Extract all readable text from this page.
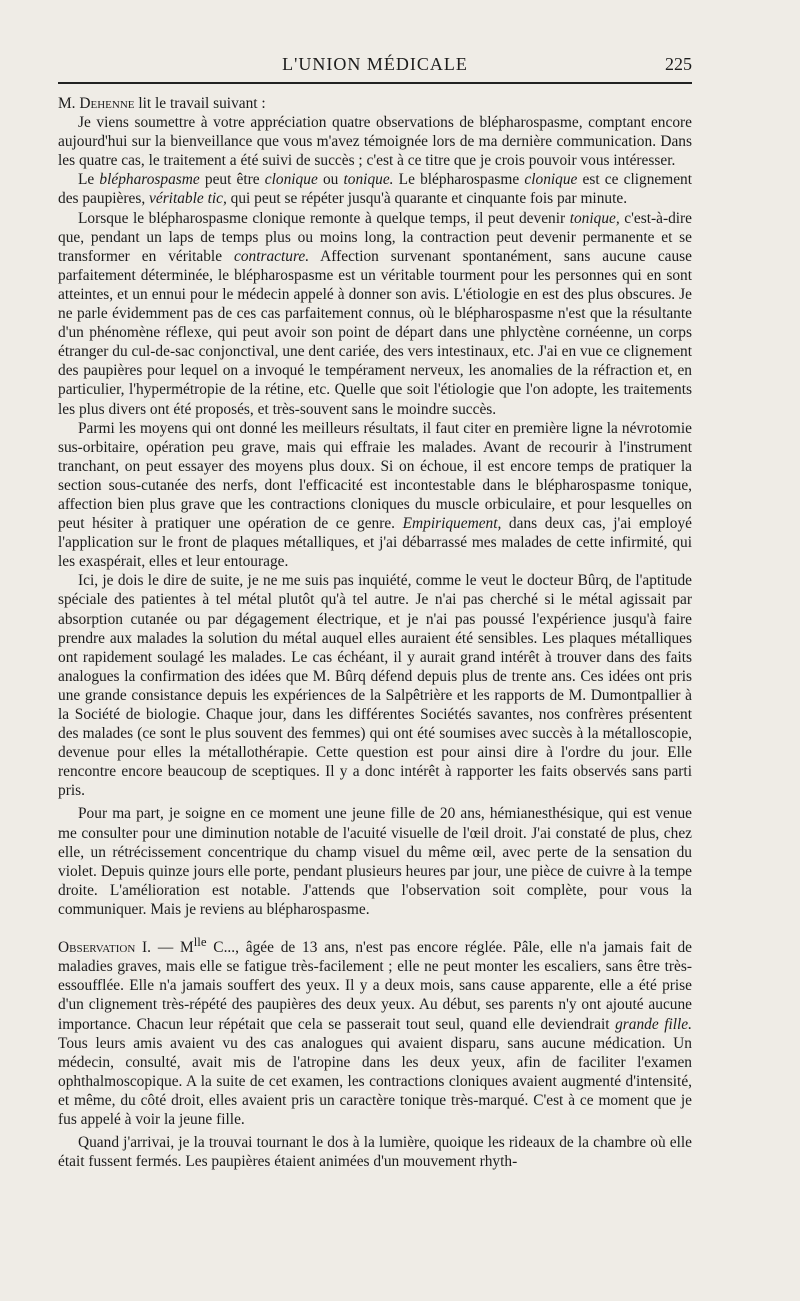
L'UNION MÉDICALE	225

M. Dehenne lit le travail suivant :

Je viens soumettre à votre appréciation quatre observations de blépharospasme, comptant encore aujourd'hui sur la bienveillance que vous m'avez témoignée lors de ma dernière communication. Dans les quatre cas, le traitement a été suivi de succès ; c'est à ce titre que je crois pouvoir vous intéresser.

Le blépharospasme peut être clonique ou tonique. Le blépharospasme clonique est ce clignement des paupières, véritable tic, qui peut se répéter jusqu'à quarante et cinquante fois par minute.

Lorsque le blépharospasme clonique remonte à quelque temps, il peut devenir tonique, c'est-à-dire que, pendant un laps de temps plus ou moins long, la contraction peut devenir permanente et se transformer en véritable contracture. Affection survenant spontanément, sans aucune cause parfaitement déterminée, le blépharospasme est un véritable tourment pour les personnes qui en sont atteintes, et un ennui pour le médecin appelé à donner son avis. L'étiologie en est des plus obscures. Je ne parle évidemment pas de ces cas parfaitement connus, où le blépharospasme n'est que la résultante d'un phénomène réflexe, qui peut avoir son point de départ dans une phlyctène cornéenne, un corps étranger du cul-de-sac conjonctival, une dent cariée, des vers intestinaux, etc. J'ai en vue ce clignement des paupières pour lequel on a invoqué le tempérament nerveux, les anomalies de la réfraction et, en particulier, l'hypermétropie de la rétine, etc. Quelle que soit l'étiologie que l'on adopte, les traitements les plus divers ont été proposés, et très-souvent sans le moindre succès.

Parmi les moyens qui ont donné les meilleurs résultats, il faut citer en première ligne la névrotomie sus-orbitaire, opération peu grave, mais qui effraie les malades. Avant de recourir à l'instrument tranchant, on peut essayer des moyens plus doux. Si on échoue, il est encore temps de pratiquer la section sous-cutanée des nerfs, dont l'efficacité est incontestable dans le blépharospasme tonique, affection bien plus grave que les contractions cloniques du muscle orbiculaire, et pour lesquelles on peut hésiter à pratiquer une opération de ce genre. Empiriquement, dans deux cas, j'ai employé l'application sur le front de plaques métalliques, et j'ai débarrassé mes malades de cette infirmité, qui les exaspérait, elles et leur entourage.

Ici, je dois le dire de suite, je ne me suis pas inquiété, comme le veut le docteur Bûrq, de l'aptitude spéciale des patientes à tel métal plutôt qu'à tel autre. Je n'ai pas cherché si le métal agissait par absorption cutanée ou par dégagement électrique, et je n'ai pas poussé l'expérience jusqu'à faire prendre aux malades la solution du métal auquel elles auraient été sensibles. Les plaques métalliques ont rapidement soulagé les malades. Le cas échéant, il y aurait grand intérêt à trouver dans des faits analogues la confirmation des idées que M. Bûrq défend depuis plus de trente ans. Ces idées ont pris une grande consistance depuis les expériences de la Salpêtrière et les rapports de M. Dumontpallier à la Société de biologie. Chaque jour, dans les différentes Sociétés savantes, nos confrères présentent des malades (ce sont le plus souvent des femmes) qui ont été soumises avec succès à la métalloscopie, devenue pour elles la métallothérapie. Cette question est pour ainsi dire à l'ordre du jour. Elle rencontre encore beaucoup de sceptiques. Il y a donc intérêt à rapporter les faits observés sans parti pris.

Pour ma part, je soigne en ce moment une jeune fille de 20 ans, hémianesthésique, qui est venue me consulter pour une diminution notable de l'acuité visuelle de l'œil droit. J'ai constaté de plus, chez elle, un rétrécissement concentrique du champ visuel du même œil, avec perte de la sensation du violet. Depuis quinze jours elle porte, pendant plusieurs heures par jour, une pièce de cuivre à la tempe droite. L'amélioration est notable. J'attends que l'observation soit complète, pour vous la communiquer. Mais je reviens au blépharospasme.

Observation I. — $M^{lle}$ C..., âgée de 13 ans, n'est pas encore réglée. Pâle, elle n'a jamais fait de maladies graves, mais elle se fatigue très-facilement ; elle ne peut monter les escaliers, sans être très-essoufflée. Elle n'a jamais souffert des yeux. Il y a deux mois, sans cause apparente, elle a été prise d'un clignement très-répété des paupières des deux yeux. Au début, ses parents n'y ont ajouté aucune importance. Chacun leur répétait que cela se passerait tout seul, quand elle deviendrait grande fille. Tous leurs amis avaient vu des cas analogues qui avaient disparu, sans aucune médication. Un médecin, consulté, avait mis de l'atropine dans les deux yeux, afin de faciliter l'examen ophthalmoscopique. A la suite de cet examen, les contractions cloniques avaient augmenté d'intensité, et même, du côté droit, elles avaient pris un caractère tonique très-marqué. C'est à ce moment que je fus appelé à voir la jeune fille.

Quand j'arrivai, je la trouvai tournant le dos à la lumière, quoique les rideaux de la chambre où elle était fussent fermés. Les paupières étaient animées d'un mouvement rhyth-
